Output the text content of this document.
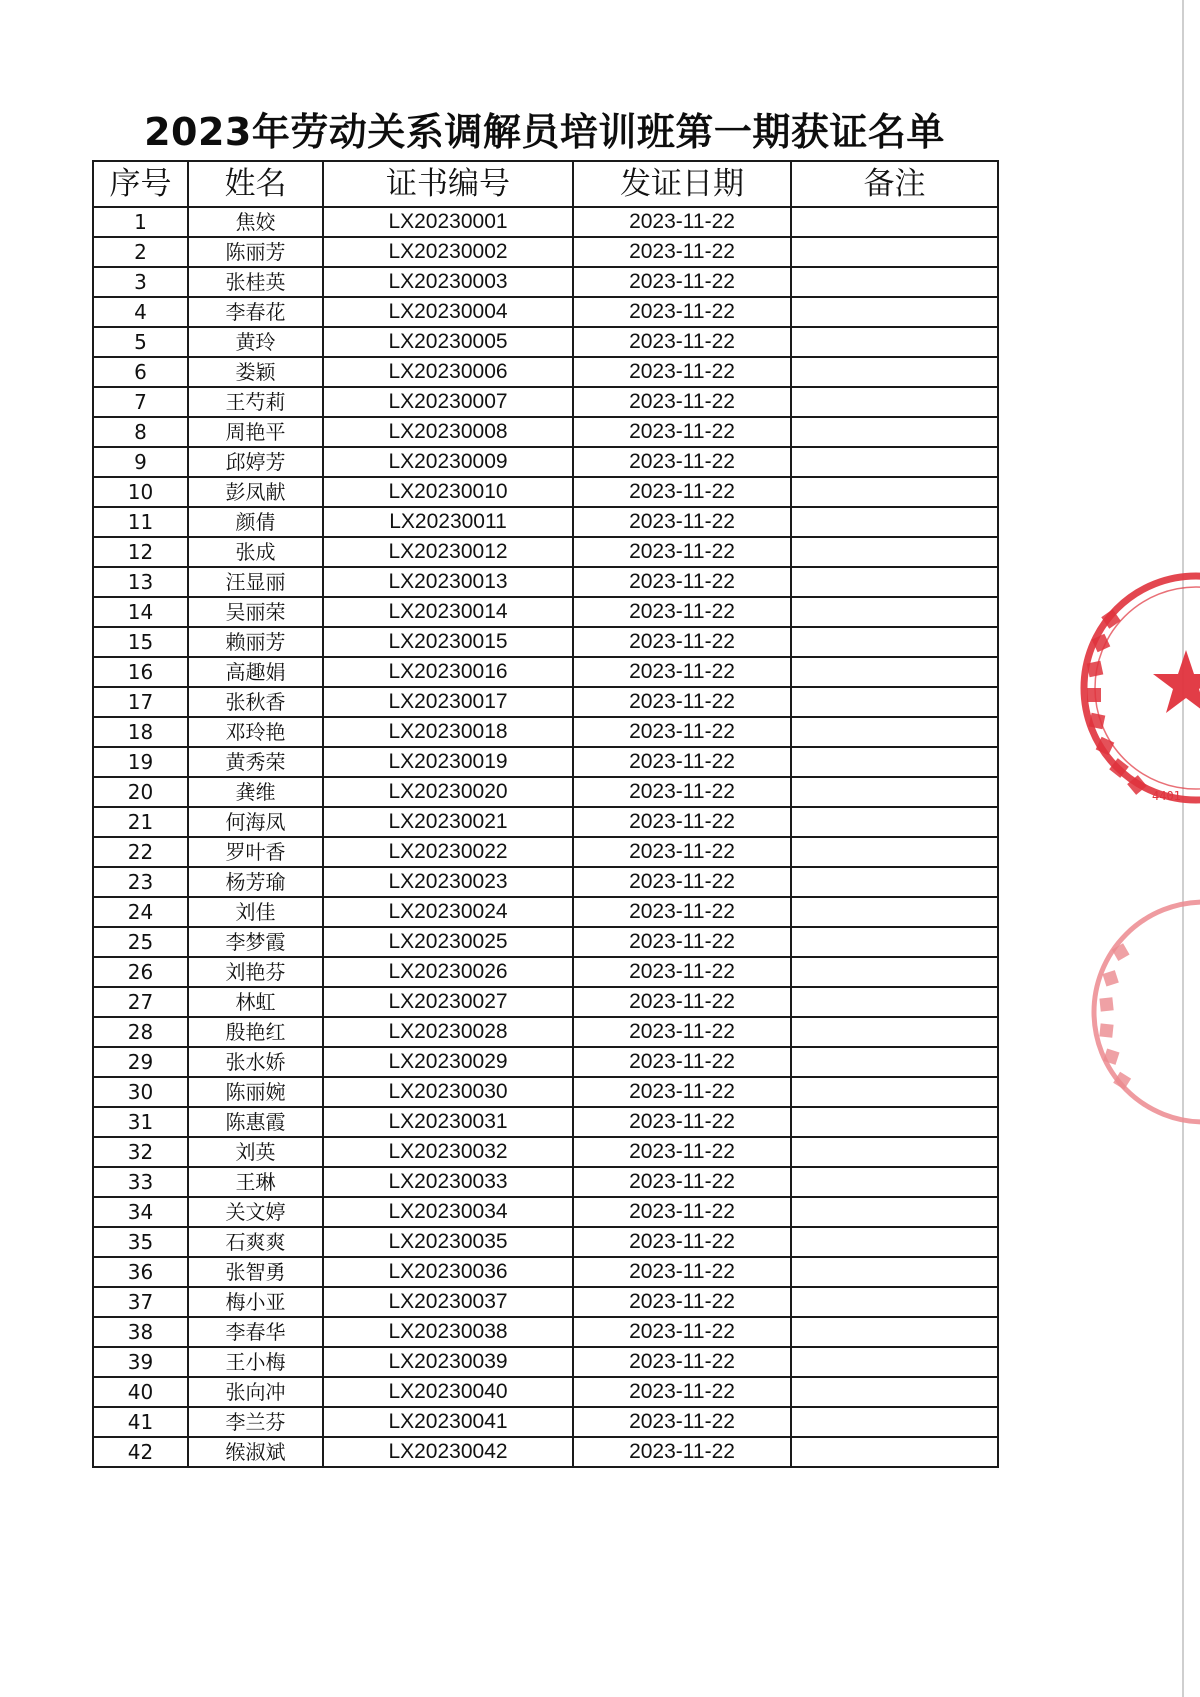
2023年劳动关系调解员培训班第一期获证名单
序号	姓名	证书编号	发证日期	备注
1	焦姣	LX20230001	2023-11-22	
2	陈丽芳	LX20230002	2023-11-22	
3	张桂英	LX20230003	2023-11-22	
4	李春花	LX20230004	2023-11-22	
5	黄玲	LX20230005	2023-11-22	
6	娄颖	LX20230006	2023-11-22	
7	王芍莉	LX20230007	2023-11-22	
8	周艳平	LX20230008	2023-11-22	
9	邱婷芳	LX20230009	2023-11-22	
10	彭凤献	LX20230010	2023-11-22	
11	颜倩	LX20230011	2023-11-22	
12	张成	LX20230012	2023-11-22	
13	汪显丽	LX20230013	2023-11-22	
14	吴丽荣	LX20230014	2023-11-22	
15	赖丽芳	LX20230015	2023-11-22	
16	高趣娟	LX20230016	2023-11-22	
17	张秋香	LX20230017	2023-11-22	
18	邓玲艳	LX20230018	2023-11-22	
19	黄秀荣	LX20230019	2023-11-22	
20	龚维	LX20230020	2023-11-22	
21	何海凤	LX20230021	2023-11-22	
22	罗叶香	LX20230022	2023-11-22	
23	杨芳瑜	LX20230023	2023-11-22	
24	刘佳	LX20230024	2023-11-22	
25	李梦霞	LX20230025	2023-11-22	
26	刘艳芬	LX20230026	2023-11-22	
27	林虹	LX20230027	2023-11-22	
28	殷艳红	LX20230028	2023-11-22	
29	张水娇	LX20230029	2023-11-22	
30	陈丽婉	LX20230030	2023-11-22	
31	陈惠霞	LX20230031	2023-11-22	
32	刘英	LX20230032	2023-11-22	
33	王琳	LX20230033	2023-11-22	
34	关文婷	LX20230034	2023-11-22	
35	石爽爽	LX20230035	2023-11-22	
36	张智勇	LX20230036	2023-11-22	
37	梅小亚	LX20230037	2023-11-22	
38	李春华	LX20230038	2023-11-22	
39	王小梅	LX20230039	2023-11-22	
40	张向冲	LX20230040	2023-11-22	
41	李兰芬	LX20230041	2023-11-22	
42	缑淑斌	LX20230042	2023-11-22	
4401
